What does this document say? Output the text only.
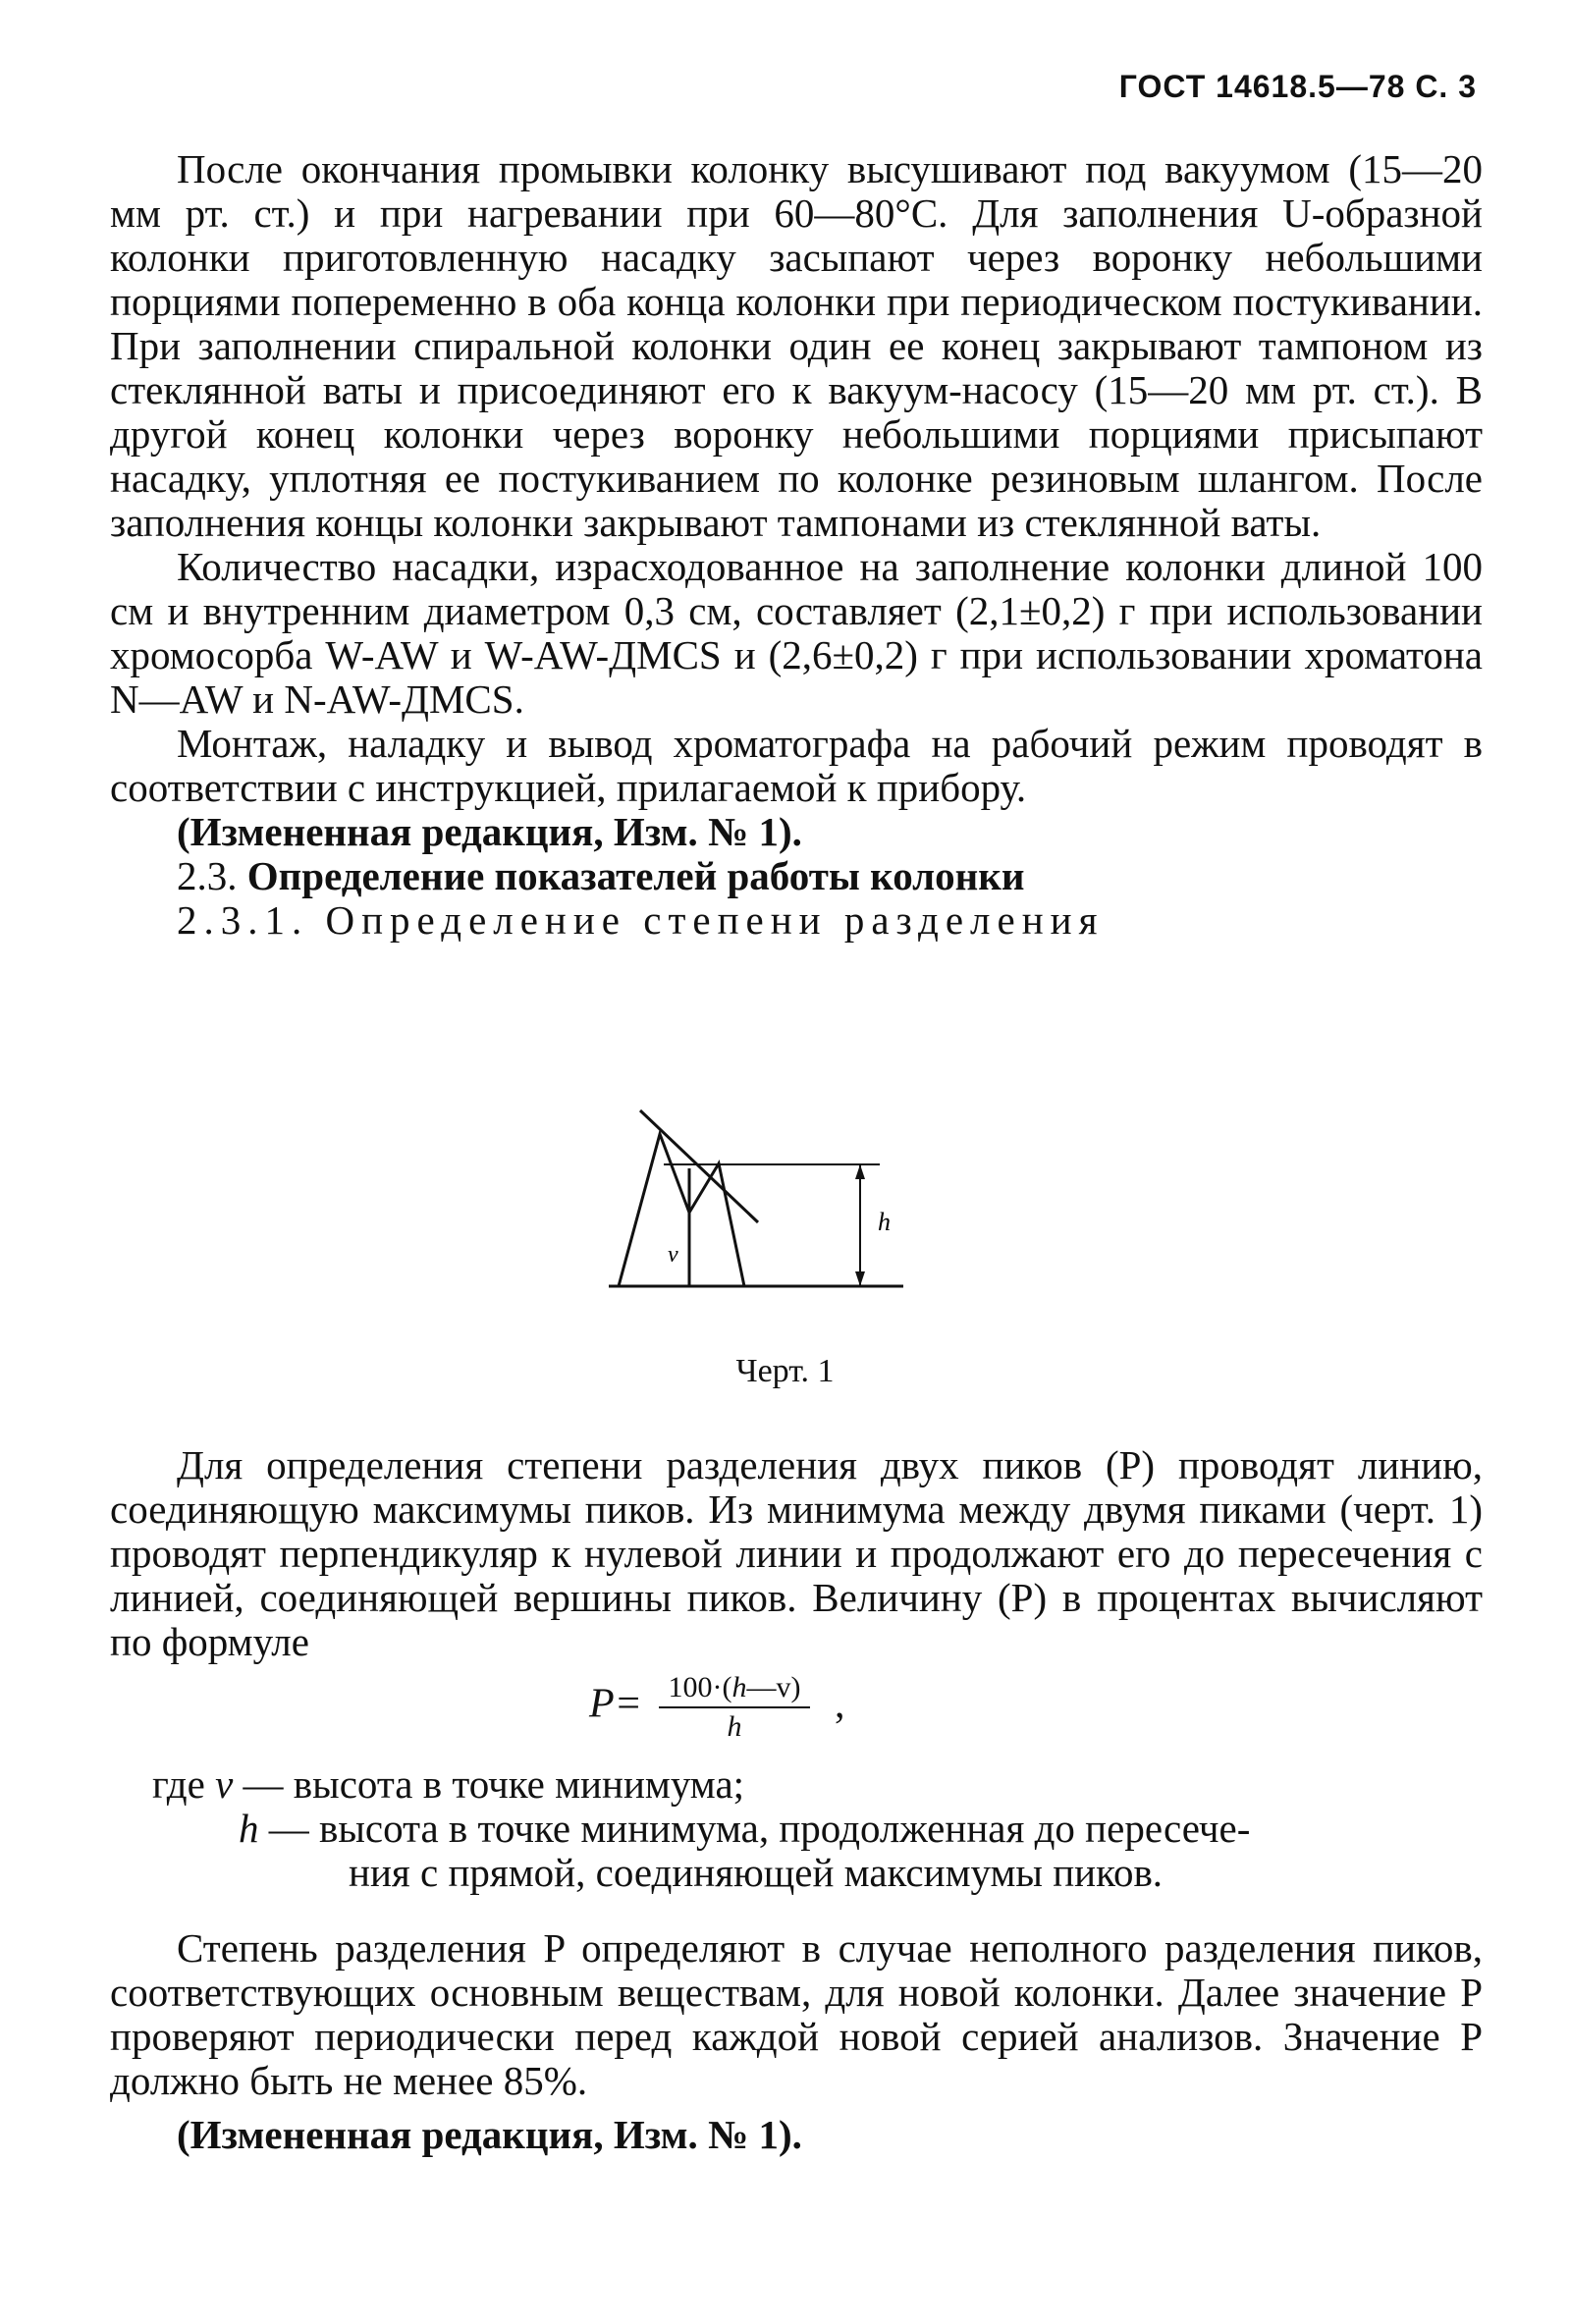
ГОСТ 14618.5—78 С. 3

После окончания промывки колонку высушивают под вакуумом (15—20 мм рт. ст.) и при нагревании при 60—80°С. Для заполнения U-образной колонки приготовленную насадку засыпают через воронку небольшими порциями попеременно в оба конца колонки при периодическом постукивании. При заполнении спиральной колонки один ее конец закрывают тампоном из стеклянной ваты и присоединяют его к вакуум-насосу (15—20 мм рт. ст.). В другой конец колонки через воронку небольшими порциями присыпают насадку, уплотняя ее постукиванием по колонке резиновым шлангом. После заполнения концы колонки закрывают тампонами из стеклянной ваты.

Количество насадки, израсходованное на заполнение колонки длиной 100 см и внутренним диаметром 0,3 см, составляет (2,1±0,2) г при использовании хромосорба W-AW и W-AW-ДMCS и (2,6±0,2) г при использовании хроматона N—AW и N-AW-ДMCS.

Монтаж, наладку и вывод хроматографа на рабочий режим проводят в соответствии с инструкцией, прилагаемой к прибору.

(Измененная редакция, Изм. № 1).

2.3. Определение показателей работы колонки

2.3.1. Определение степени разделения

h
v
Черт. 1

Для определения степени разделения двух пиков (P) проводят линию, соединяющую максимумы пиков. Из минимума между двумя пиками (черт. 1) проводят перпендикуляр к нулевой линии и продолжают его до пересечения с линией, соединяющей вершины пиков. Величину (P) в процентах вычисляют по формуле

$P= \frac{100\cdot(h—v)}{h}$ ,
где v — высота в точке минимума;
h — высота в точке минимума, продолженная до пересече-
ния с прямой, соединяющей максимумы пиков.

Степень разделения P определяют в случае неполного разделения пиков, соответствующих основным веществам, для новой колонки. Далее значение P проверяют периодически перед каждой новой серией анализов. Значение P должно быть не менее 85%.

(Измененная редакция, Изм. № 1).
